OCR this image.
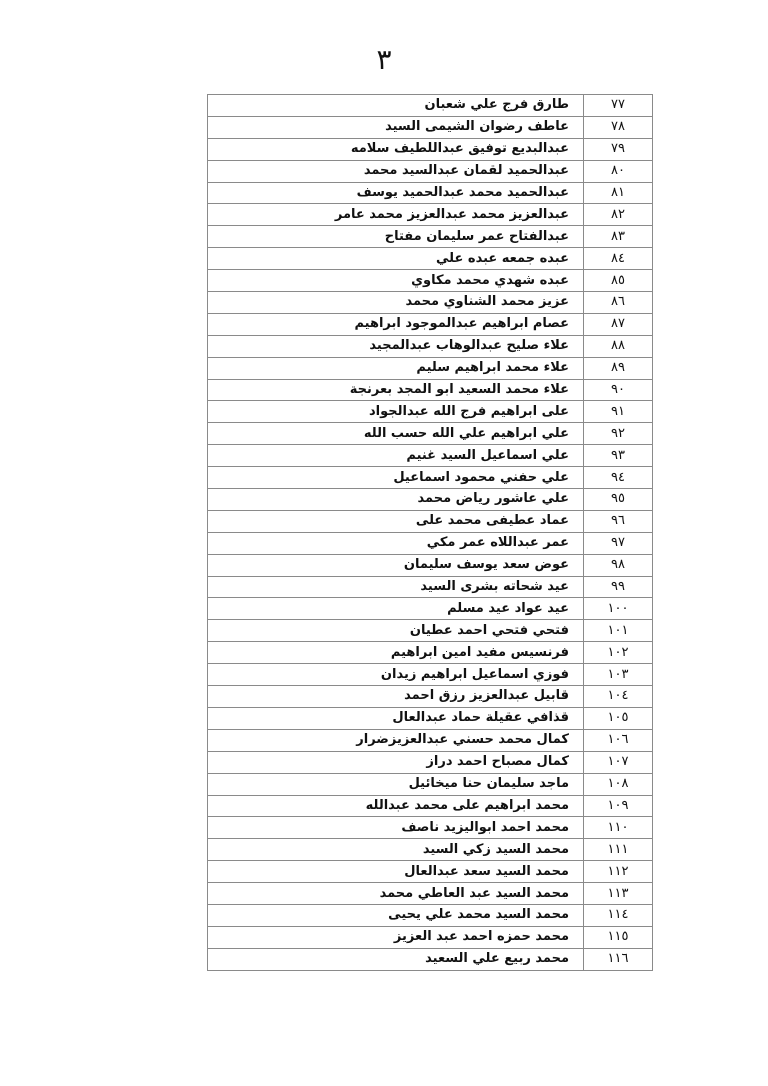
٣
٧٧	طارق فرج علي شعبان
٧٨	عاطف رضوان الشيمى السيد
٧٩	عبدالبديع توفيق عبداللطيف سلامه
٨٠	عبدالحميد لقمان عبدالسيد محمد
٨١	عبدالحميد محمد عبدالحميد يوسف
٨٢	عبدالعزيز محمد عبدالعزيز محمد عامر
٨٣	عبدالفتاح عمر سليمان مفتاح
٨٤	عبده جمعه عبده علي
٨٥	عبده شهدي محمد مكاوي
٨٦	عزيز محمد الشناوي محمد
٨٧	عصام ابراهيم عبدالموجود ابراهيم
٨٨	علاء صليح عبدالوهاب عبدالمجيد
٨٩	علاء محمد ابراهيم سليم
٩٠	علاء محمد السعيد ابو المجد بعرنجة
٩١	على ابراهيم فرج الله عبدالجواد
٩٢	علي ابراهيم علي الله حسب الله
٩٣	علي اسماعيل السيد غنيم
٩٤	علي حفني محمود اسماعيل
٩٥	علي عاشور رياض محمد
٩٦	عماد عطيفى محمد على
٩٧	عمر عبداللاه عمر مكي
٩٨	عوض سعد يوسف سليمان
٩٩	عيد شحاته بشرى السيد
١٠٠	عيد عواد عيد مسلم
١٠١	فتحي فتحي احمد عطيان
١٠٢	فرنسيس مفيد امين ابراهيم
١٠٣	فوزي اسماعيل ابراهيم زيدان
١٠٤	قابيل عبدالعزيز رزق احمد
١٠٥	قذافي عقيلة حماد عبدالعال
١٠٦	كمال محمد حسني عبدالعزيزضرار
١٠٧	كمال مصباح احمد دراز
١٠٨	ماجد سليمان حنا ميخائيل
١٠٩	محمد ابراهيم على محمد عبدالله
١١٠	محمد احمد ابواليزيد ناصف
١١١	محمد السيد زكي السيد
١١٢	محمد السيد سعد عبدالعال
١١٣	محمد السيد عبد العاطي محمد
١١٤	محمد السيد محمد علي يحيى
١١٥	محمد حمزه احمد عبد العزيز
١١٦	محمد ربيع علي السعيد
